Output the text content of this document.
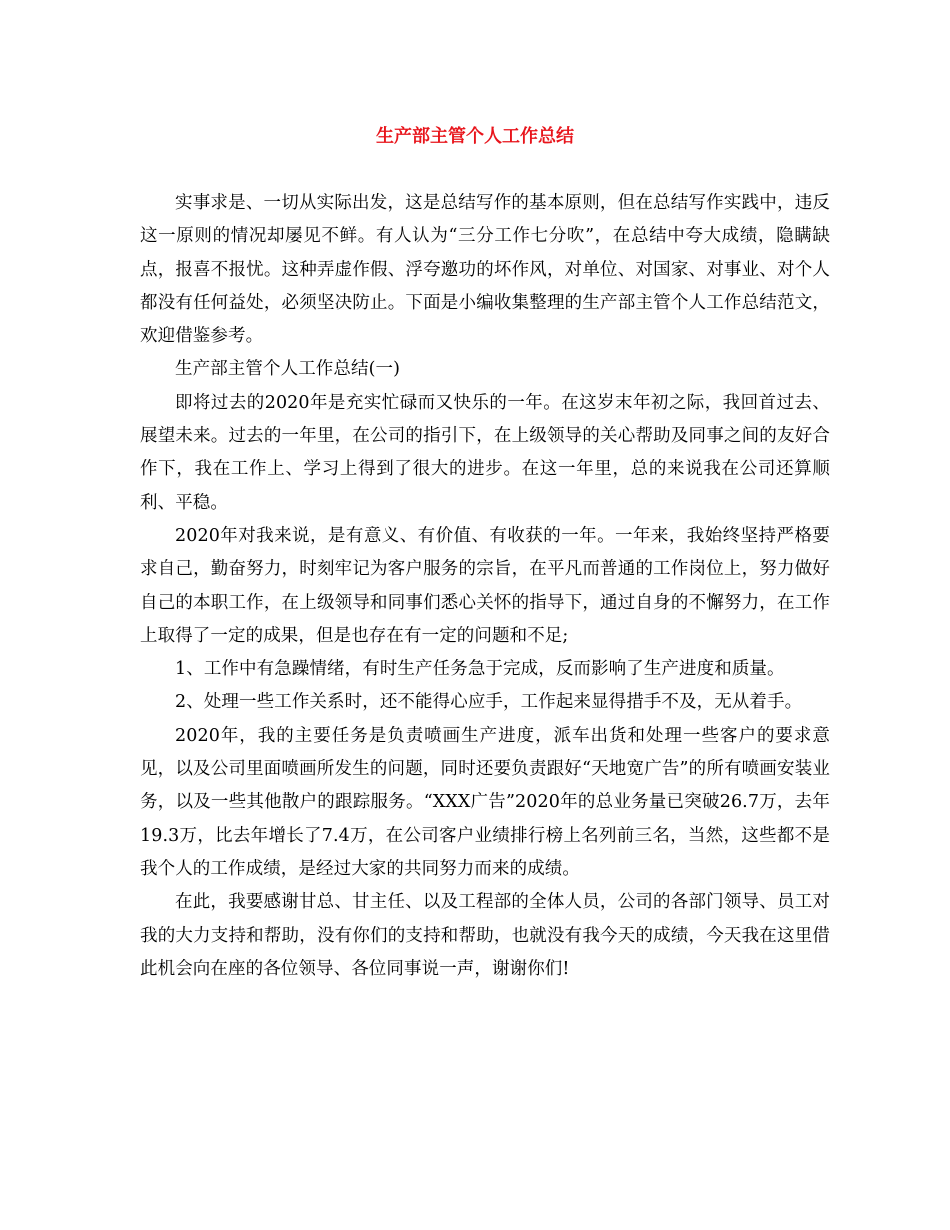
生产部主管个人工作总结

实事求是、一切从实际出发，这是总结写作的基本原则，但在总结写作实践中，违反这一原则的情况却屡见不鲜。有人认为“三分工作七分吹”，在总结中夸大成绩，隐瞒缺点，报喜不报忧。这种弄虚作假、浮夸邀功的坏作风，对单位、对国家、对事业、对个人都没有任何益处，必须坚决防止。下面是小编收集整理的生产部主管个人工作总结范文，欢迎借鉴参考。

生产部主管个人工作总结(一)

即将过去的2020年是充实忙碌而又快乐的一年。在这岁末年初之际，我回首过去、展望未来。过去的一年里，在公司的指引下，在上级领导的关心帮助及同事之间的友好合作下，我在工作上、学习上得到了很大的进步。在这一年里，总的来说我在公司还算顺利、平稳。

2020年对我来说，是有意义、有价值、有收获的一年。一年来，我始终坚持严格要求自己，勤奋努力，时刻牢记为客户服务的宗旨，在平凡而普通的工作岗位上，努力做好自己的本职工作，在上级领导和同事们悉心关怀的指导下，通过自身的不懈努力，在工作上取得了一定的成果，但是也存在有一定的问题和不足;

1、工作中有急躁情绪，有时生产任务急于完成，反而影响了生产进度和质量。

2、处理一些工作关系时，还不能得心应手，工作起来显得措手不及，无从着手。

2020年，我的主要任务是负责喷画生产进度，派车出货和处理一些客户的要求意见，以及公司里面喷画所发生的问题，同时还要负责跟好“天地宽广告”的所有喷画安装业务，以及一些其他散户的跟踪服务。“XXX广告”2020年的总业务量已突破26.7万，去年19.3万，比去年增长了7.4万，在公司客户业绩排行榜上名列前三名，当然，这些都不是我个人的工作成绩，是经过大家的共同努力而来的成绩。

在此，我要感谢甘总、甘主任、以及工程部的全体人员，公司的各部门领导、员工对我的大力支持和帮助，没有你们的支持和帮助，也就没有我今天的成绩，今天我在这里借此机会向在座的各位领导、各位同事说一声，谢谢你们!
